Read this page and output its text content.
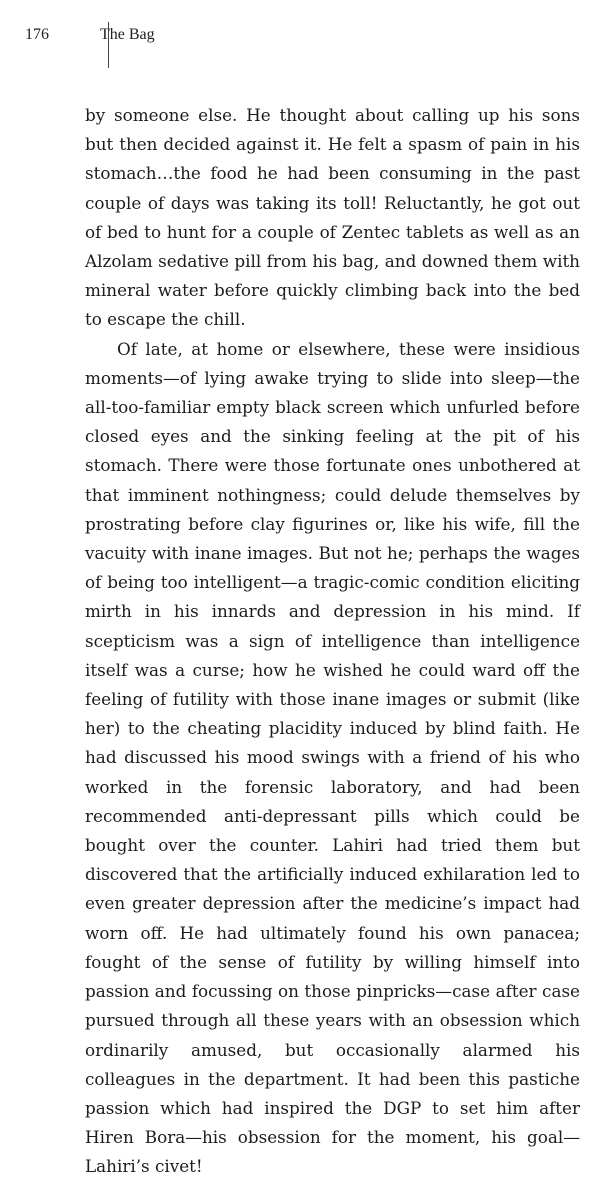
176	The Bag

by someone else. He thought about calling up his sons but then decided against it. He felt a spasm of pain in his stomach…the food he had been consuming in the past couple of days was taking its toll! Reluctantly, he got out of bed to hunt for a couple of Zentec tablets as well as an Alzolam sedative pill from his bag, and downed them with mineral water before quickly climbing back into the bed to escape the chill.

Of late, at home or elsewhere, these were insidious moments—of lying awake trying to slide into sleep—the all-too-familiar empty black screen which unfurled before closed eyes and the sinking feeling at the pit of his stomach. There were those fortunate ones unbothered at that imminent nothingness; could delude themselves by prostrating before clay figurines or, like his wife, fill the vacuity with inane images. But not he; perhaps the wages of being too intelligent—a tragic-comic condition eliciting mirth in his innards and depression in his mind. If scepticism was a sign of intelligence than intelligence itself was a curse; how he wished he could ward off the feeling of futility with those inane images or submit (like her) to the cheating placidity induced by blind faith. He had discussed his mood swings with a friend of his who worked in the forensic laboratory, and had been recommended anti-depressant pills which could be bought over the counter. Lahiri had tried them but discovered that the artificially induced exhilaration led to even greater depression after the medicine’s impact had worn off. He had ultimately found his own panacea; fought of the sense of futility by willing himself into passion and focussing on those pinpricks—case after case pursued through all these years with an obsession which ordinarily amused, but occasionally alarmed his colleagues in the department. It had been this pastiche passion which had inspired the DGP to set him after Hiren Bora—his obsession for the moment, his goal—Lahiri’s civet!
